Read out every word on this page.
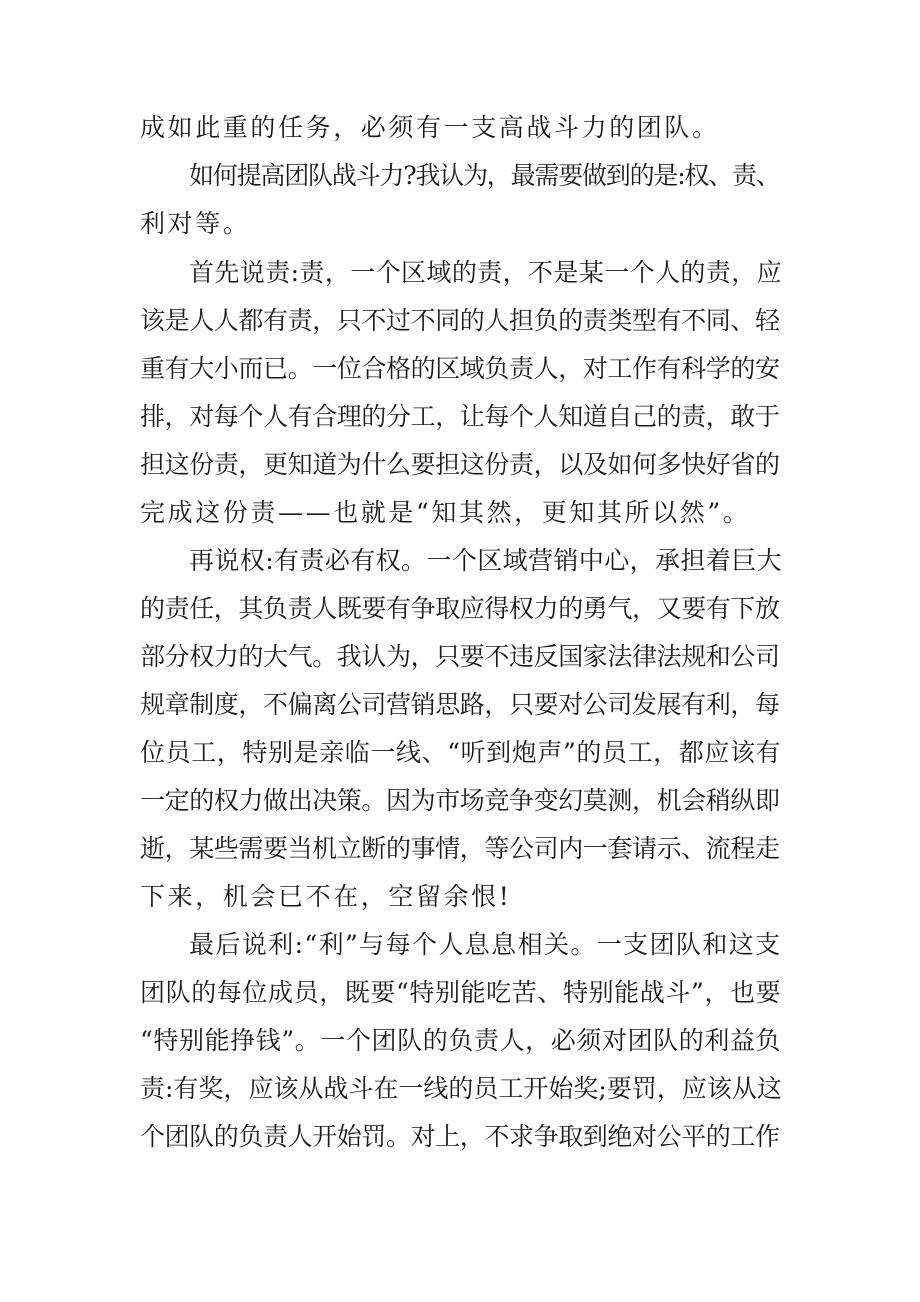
成如此重的任务，必须有一支高战斗力的团队。

如何提高团队战斗力?我认为，最需要做到的是:权、责、

利对等。

首先说责:责，一个区域的责，不是某一个人的责，应

该是人人都有责，只不过不同的人担负的责类型有不同、轻

重有大小而已。一位合格的区域负责人，对工作有科学的安

排，对每个人有合理的分工，让每个人知道自己的责，敢于

担这份责，更知道为什么要担这份责，以及如何多快好省的

完成这份责——也就是“知其然，更知其所以然”。

再说权:有责必有权。一个区域营销中心，承担着巨大

的责任，其负责人既要有争取应得权力的勇气，又要有下放

部分权力的大气。我认为，只要不违反国家法律法规和公司

规章制度，不偏离公司营销思路，只要对公司发展有利，每

位员工，特别是亲临一线、“听到炮声”的员工，都应该有

一定的权力做出决策。因为市场竞争变幻莫测，机会稍纵即

逝，某些需要当机立断的事情，等公司内一套请示、流程走

下来，机会已不在，空留余恨!

最后说利:“利”与每个人息息相关。一支团队和这支

团队的每位成员，既要“特别能吃苦、特别能战斗”，也要

“特别能挣钱”。一个团队的负责人，必须对团队的利益负

责:有奖，应该从战斗在一线的员工开始奖;要罚，应该从这

个团队的负责人开始罚。对上，不求争取到绝对公平的工作
